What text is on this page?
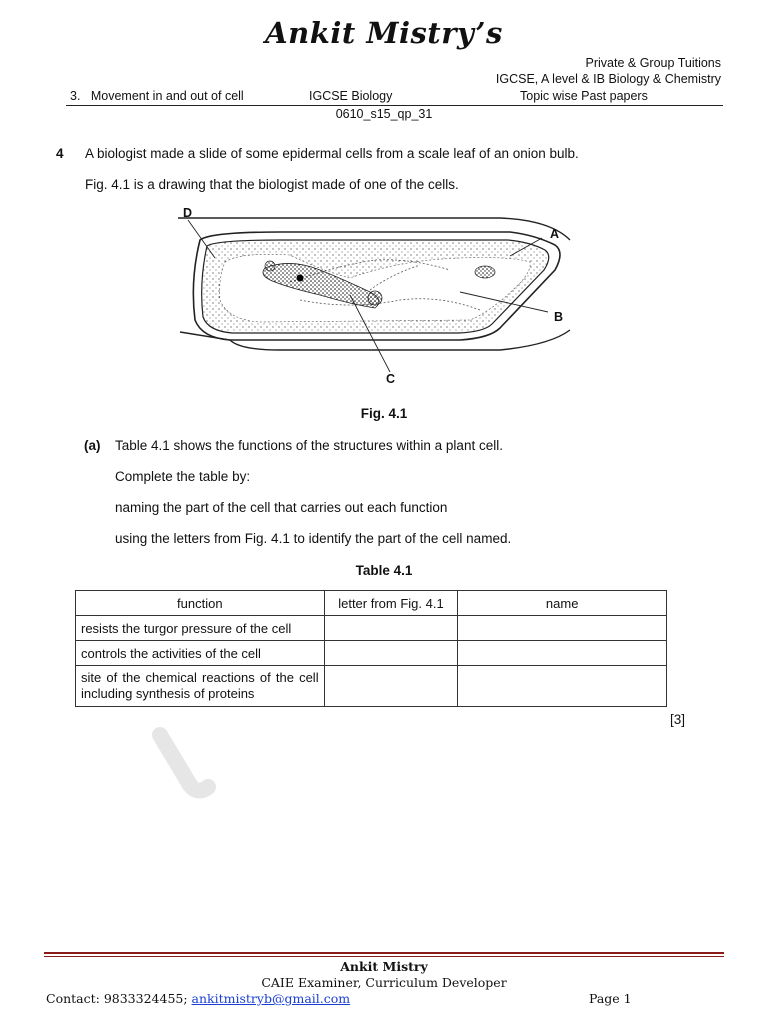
Ankit Mistry’s
Private & Group Tuitions
IGCSE, A level & IB Biology & Chemistry
3.   Movement in and out of cell	IGCSE Biology	Topic wise Past papers
0610_s15_qp_31
4 A biologist made a slide of some epidermal cells from a scale leaf of an onion bulb.
Fig. 4.1 is a drawing that the biologist made of one of the cells.
D
A
B
C
Fig. 4.1
(a) Table 4.1 shows the functions of the structures within a plant cell.
Complete the table by:
naming the part of the cell that carries out each function
using the letters from Fig. 4.1 to identify the part of the cell named.
Table 4.1
function	letter from Fig. 4.1	name
resists the turgor pressure of the cell		
controls the activities of the cell		
site of the chemical reactions of the cell including synthesis of proteins		
[3]
Ankit Mistry
CAIE Examiner, Curriculum Developer
Contact: 9833324455; ankitmistryb@gmail.com	Page 1
